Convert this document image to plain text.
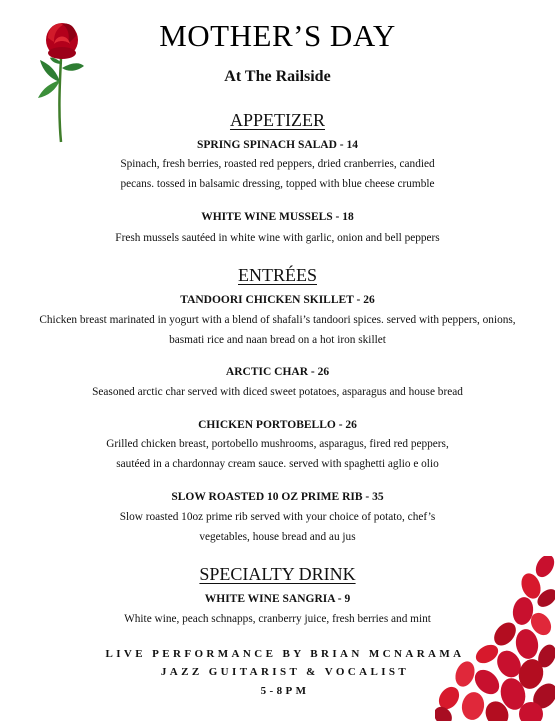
MOTHER’S DAY
At The Railside
APPETIZER
SPRING SPINACH SALAD - 14
Spinach, fresh berries, roasted red peppers, dried cranberries, candied
pecans. tossed in balsamic dressing, topped with blue cheese crumble
WHITE WINE MUSSELS - 18
Fresh mussels sautéed in white wine with garlic, onion and bell peppers
ENTRÉES
TANDOORI CHICKEN SKILLET - 26
Chicken breast marinated in yogurt with a blend of shafali’s tandoori spices. served with peppers, onions,
basmati rice and naan bread on a hot iron skillet
ARCTIC CHAR - 26
Seasoned arctic char served with diced sweet potatoes, asparagus and house bread
CHICKEN PORTOBELLO - 26
Grilled chicken breast, portobello mushrooms, asparagus, fired red peppers,
sautéed in a chardonnay cream sauce. served with spaghetti aglio e olio
SLOW ROASTED 10 OZ PRIME RIB - 35
Slow roasted 10oz prime rib served with your choice of potato, chef’s
vegetables, house bread and au jus
SPECIALTY DRINK
WHITE WINE SANGRIA - 9
White wine, peach schnapps, cranberry juice, fresh berries and mint
LIVE PERFORMANCE BY BRIAN MCNARAMA
JAZZ GUITARIST & VOCALIST
5-8PM
